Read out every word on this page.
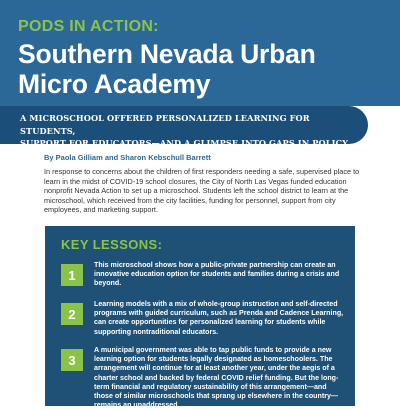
PODS IN ACTION:
Southern Nevada Urban
Micro Academy
A MICROSCHOOL OFFERED PERSONALIZED LEARNING FOR STUDENTS,
SUPPORT FOR EDUCATORS—AND A GLIMPSE INTO GAPS IN POLICY
By Paola Gilliam and Sharon Kebschull Barrett
In response to concerns about the children of first responders needing a safe, supervised place to learn in the midst of COVID-19 school closures, the City of North Las Vegas funded education nonprofit Nevada Action to set up a microschool. Students left the school district to learn at the microschool, which received from the city facilities, funding for personnel, support from city employees, and marketing support.
KEY LESSONS:
1
This microschool shows how a public-private partnership can create an innovative education option for students and families during a crisis and beyond.
2
Learning models with a mix of whole-group instruction and self-directed programs with guided curriculum, such as Prenda and Cadence Learning, can create opportunities for personalized learning for students while supporting nontraditional educators.
3
A municipal government was able to tap public funds to provide a new learning option for students legally designated as homeschoolers. The arrangement will continue for at least another year, under the aegis of a charter school and backed by federal COVID relief funding. But the long-term financial and regulatory sustainability of this arrangement—and those of similar microschools that sprang up elsewhere in the country—remains an unaddressed
